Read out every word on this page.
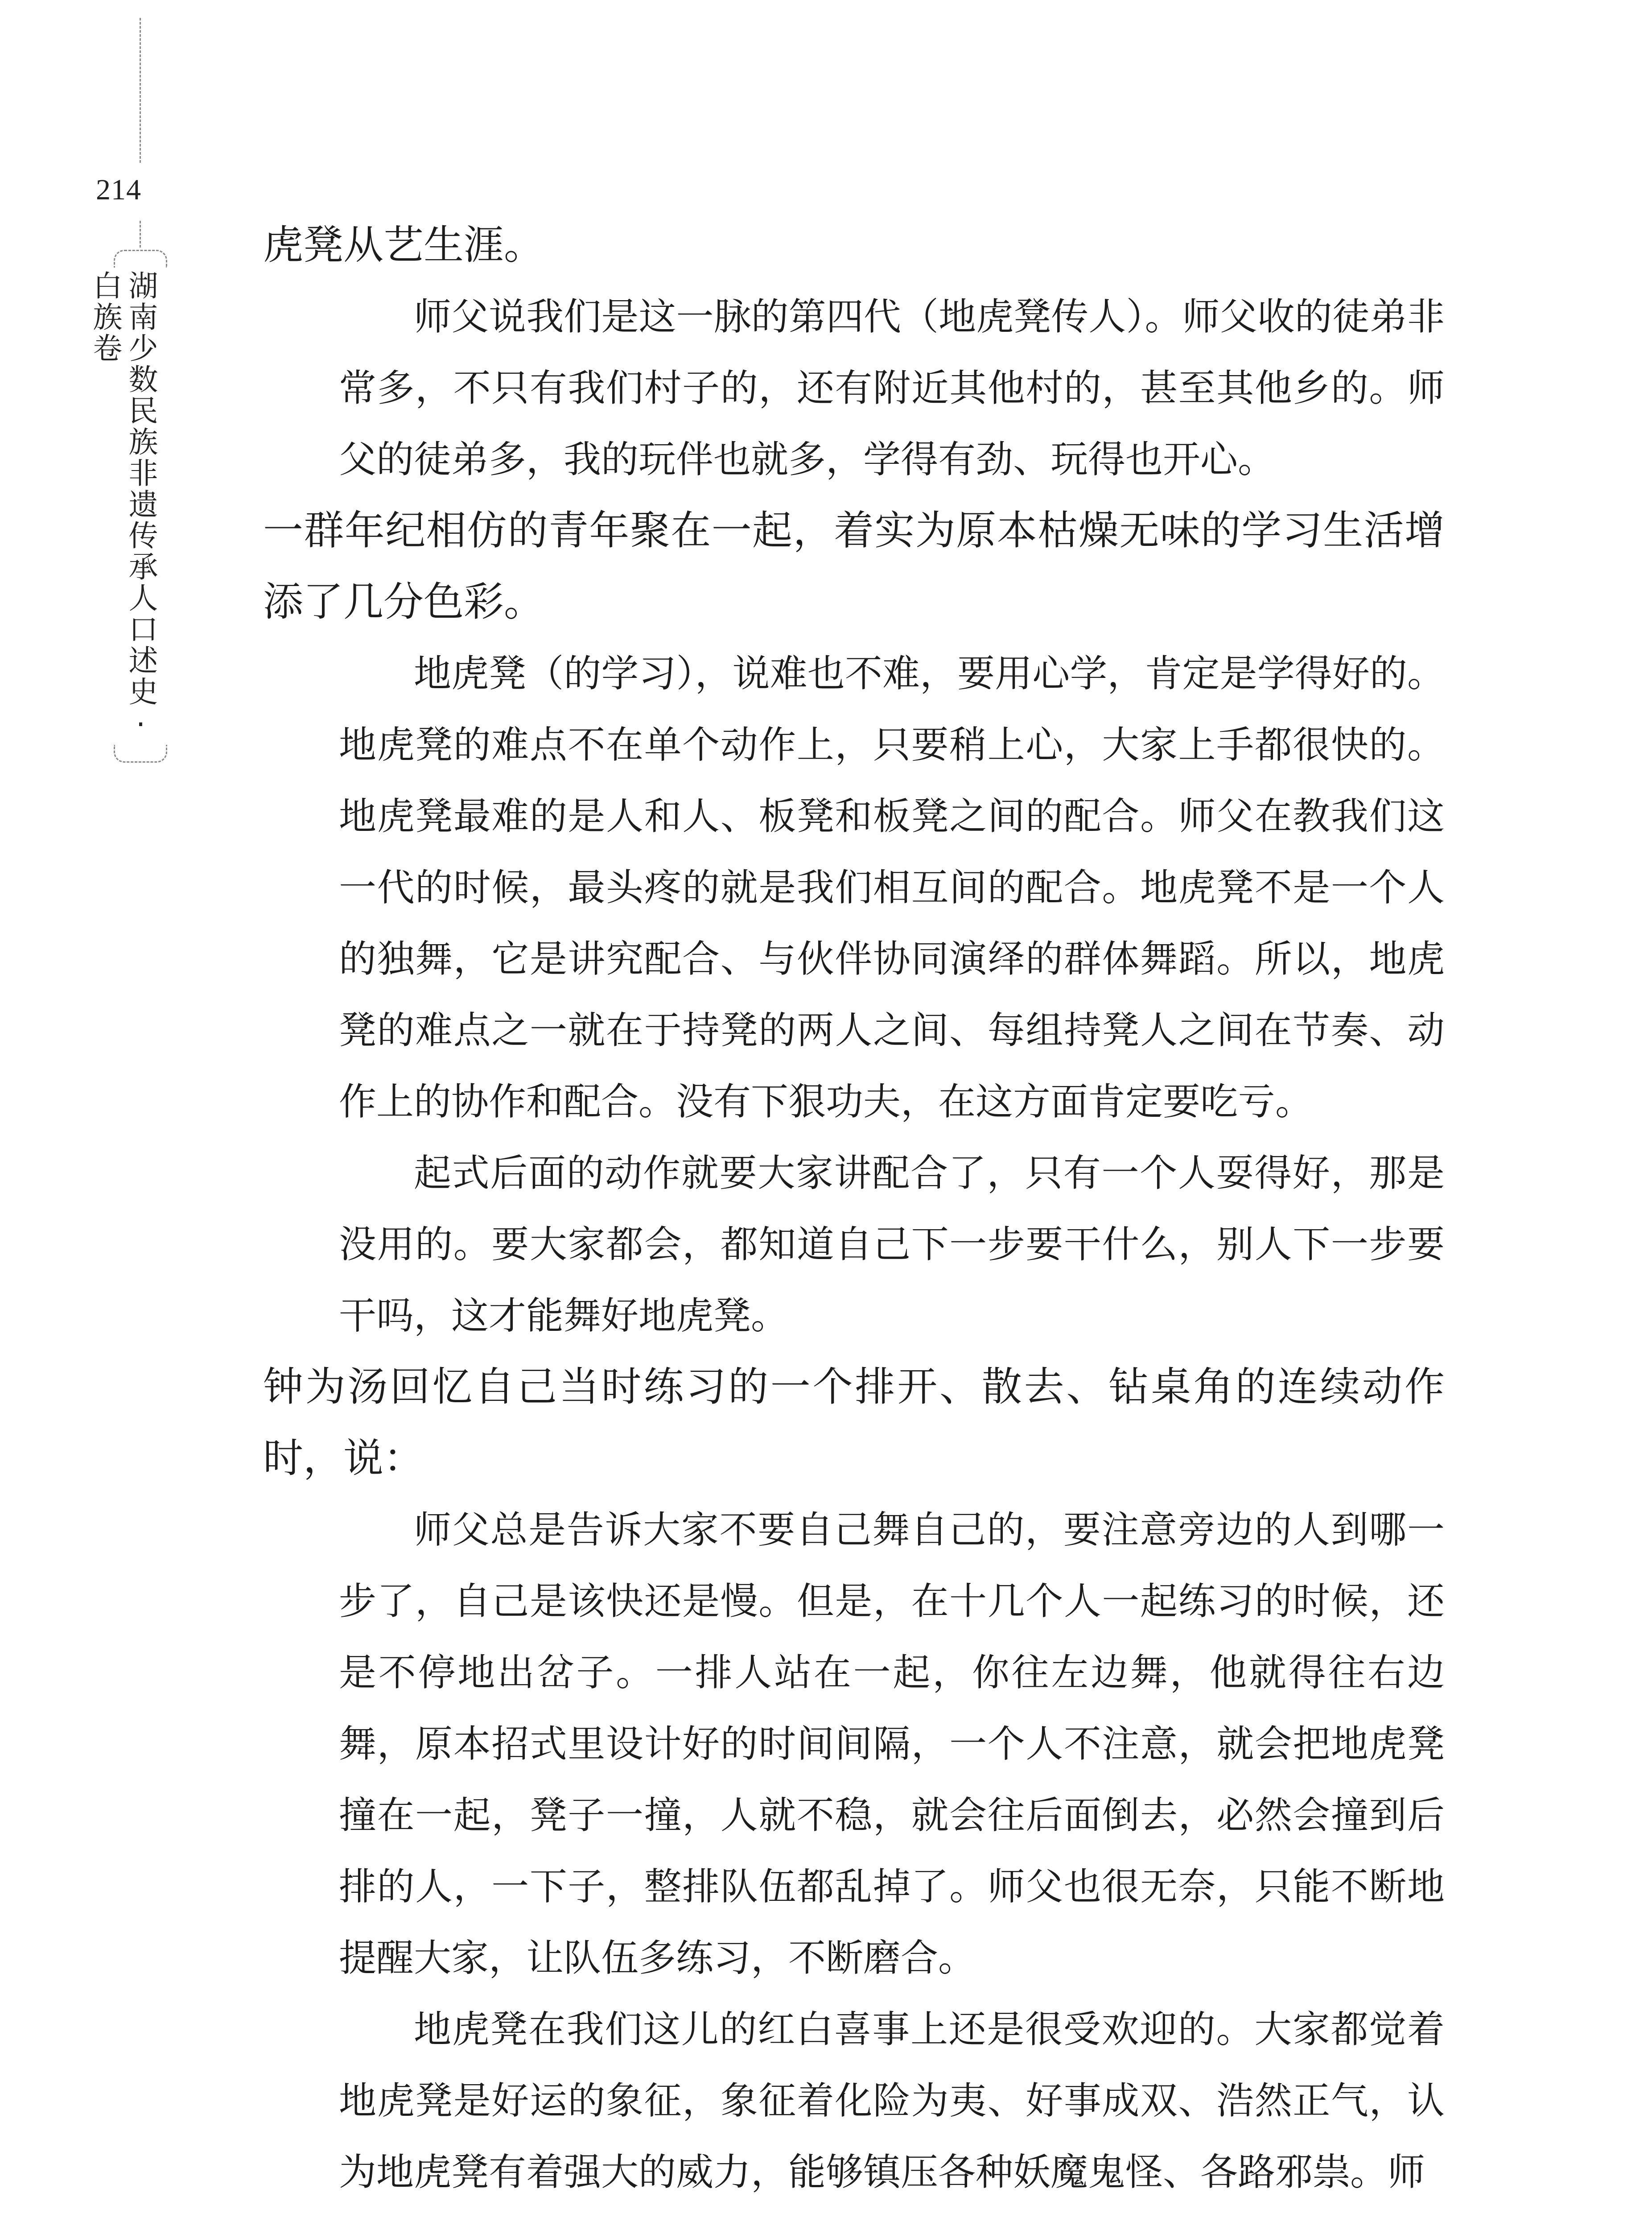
214
湖南少数民族非遗传承人口述史·白族卷

虎凳从艺生涯。

师父说我们是这一脉的第四代（地虎凳传人）。师父收的徒弟非常多，不只有我们村子的，还有附近其他村的，甚至其他乡的。师父的徒弟多，我的玩伴也就多，学得有劲、玩得也开心。

一群年纪相仿的青年聚在一起，着实为原本枯燥无味的学习生活增添了几分色彩。

地虎凳（的学习），说难也不难，要用心学，肯定是学得好的。地虎凳的难点不在单个动作上，只要稍上心，大家上手都很快的。地虎凳最难的是人和人、板凳和板凳之间的配合。师父在教我们这一代的时候，最头疼的就是我们相互间的配合。地虎凳不是一个人的独舞，它是讲究配合、与伙伴协同演绎的群体舞蹈。所以，地虎凳的难点之一就在于持凳的两人之间、每组持凳人之间在节奏、动作上的协作和配合。没有下狠功夫，在这方面肯定要吃亏。

起式后面的动作就要大家讲配合了，只有一个人耍得好，那是没用的。要大家都会，都知道自己下一步要干什么，别人下一步要干吗，这才能舞好地虎凳。

钟为汤回忆自己当时练习的一个排开、散去、钻桌角的连续动作时，说：

师父总是告诉大家不要自己舞自己的，要注意旁边的人到哪一步了，自己是该快还是慢。但是，在十几个人一起练习的时候，还是不停地出岔子。一排人站在一起，你往左边舞，他就得往右边舞，原本招式里设计好的时间间隔，一个人不注意，就会把地虎凳撞在一起，凳子一撞，人就不稳，就会往后面倒去，必然会撞到后排的人，一下子，整排队伍都乱掉了。师父也很无奈，只能不断地提醒大家，让队伍多练习，不断磨合。

地虎凳在我们这儿的红白喜事上还是很受欢迎的。大家都觉着地虎凳是好运的象征，象征着化险为夷、好事成双、浩然正气，认为地虎凳有着强大的威力，能够镇压各种妖魔鬼怪、各路邪祟。师
